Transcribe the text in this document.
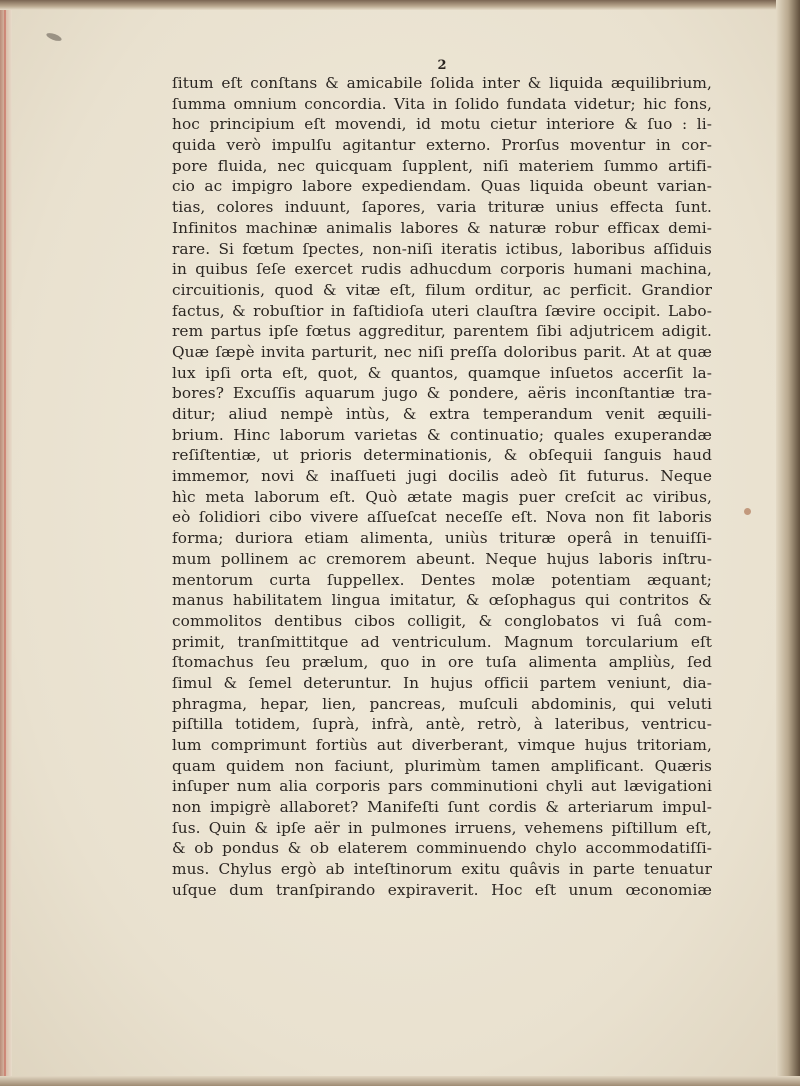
2
ſitum eſt conſtans & amicabile ſolida inter & liquida æquilibrium,
ſumma omnium concordia. Vita in ſolido fundata videtur; hic fons,
hoc principium eſt movendi, id motu cietur interiore & ſuo : li-
quida verò impulſu agitantur externo. Prorſus moventur in cor-
pore fluida, nec quicquam ſupplent, niſi materiem ſummo artifi-
cio ac impigro labore expediendam. Quas liquida obeunt varian-
tias, colores induunt, ſapores, varia trituræ unius effecta ſunt.
Infinitos machinæ animalis labores & naturæ robur efficax demi-
rare. Si fœtum ſpectes, non-niſi iteratis ictibus, laboribus aſſiduis
in quibus ſeſe exercet rudis adhucdum corporis humani machina,
circuitionis, quod & vitæ eſt, filum orditur, ac perficit. Grandior
factus, & robuſtior in faſtidioſa uteri clauſtra ſævire occipit. Labo-
rem partus ipſe fœtus aggreditur, parentem ſibi adjutricem adigit.
Quæ ſæpè invita parturit, nec niſi preſſa doloribus parit. At at quæ
lux ipſi orta eſt, quot, & quantos, quamque inſuetos accerſit la-
bores? Excuſſis aquarum jugo & pondere, aëris inconſtantiæ tra-
ditur; aliud nempè intùs, & extra temperandum venit æquili-
brium. Hinc laborum varietas & continuatio; quales exuperandæ
reſiſtentiæ, ut prioris determinationis, & obſequii ſanguis haud
immemor, novi & inaſſueti jugi docilis adeò ſit futurus. Neque
hìc meta laborum eſt. Quò ætate magis puer creſcit ac viribus,
eò ſolidiori cibo vivere aſſueſcat neceſſe eſt. Nova non fit laboris
forma; duriora etiam alimenta, uniùs trituræ operâ in tenuiſſi-
mum pollinem ac cremorem abeunt. Neque hujus laboris inſtru-
mentorum curta ſuppellex. Dentes molæ potentiam æquant;
manus habilitatem lingua imitatur, & œſophagus qui contritos &
commolitos dentibus cibos colligit, & conglobatos vi ſuâ com-
primit, tranſmittitque ad ventriculum. Magnum torcularium eſt
ſtomachus ſeu prælum, quo in ore tuſa alimenta ampliùs, ſed
ſimul & ſemel deteruntur. In hujus officii partem veniunt, dia-
phragma, hepar, lien, pancreas, muſculi abdominis, qui veluti
piſtilla totidem, ſuprà, infrà, antè, retrò, à lateribus, ventricu-
lum comprimunt fortiùs aut diverberant, vimque hujus tritoriam,
quam quidem non faciunt, plurimùm tamen amplificant. Quæris
inſuper num alia corporis pars comminutioni chyli aut lævigationi
non impigrè allaboret? Manifeſti ſunt cordis & arteriarum impul-
ſus. Quin & ipſe aër in pulmones irruens, vehemens piſtillum eſt,
& ob pondus & ob elaterem comminuendo chylo accommodatiſſi-
mus. Chylus ergò ab inteſtinorum exitu quâvis in parte tenuatur
uſque dum tranſpirando expiraverit. Hoc eſt unum œconomiæ
